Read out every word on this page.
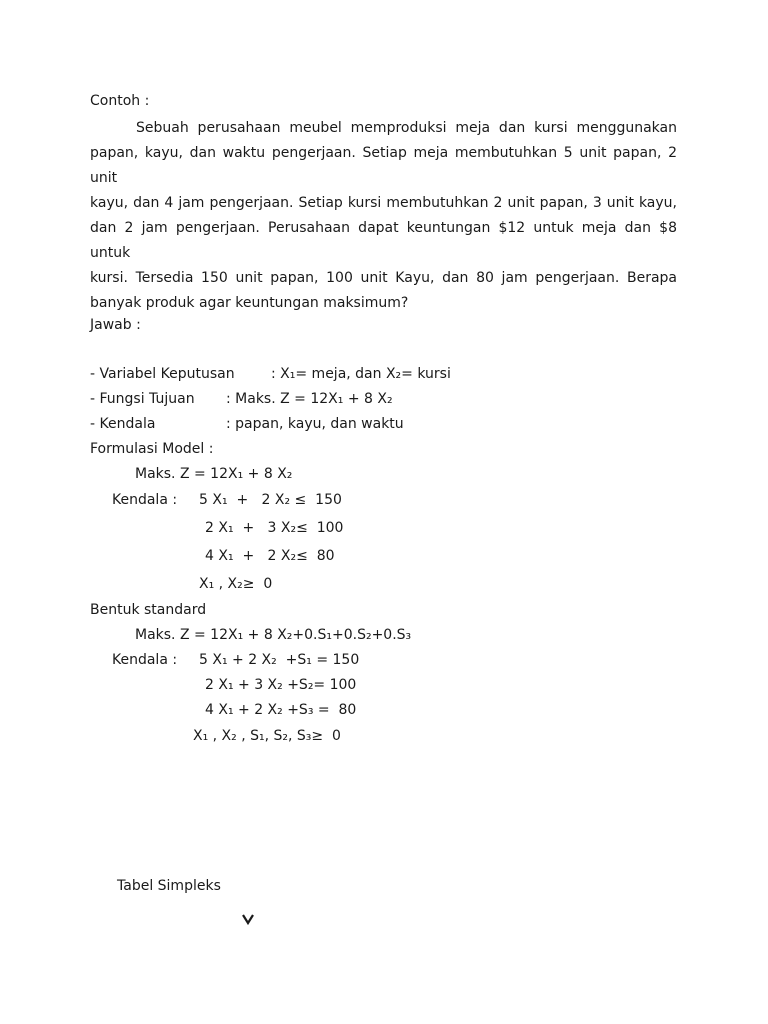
Contoh :
Sebuah perusahaan meubel memproduksi meja dan kursi menggunakan
papan, kayu, dan waktu pengerjaan. Setiap meja membutuhkan 5 unit papan, 2 unit
kayu, dan 4 jam pengerjaan. Setiap kursi membutuhkan 2 unit papan, 3 unit kayu,
dan 2 jam pengerjaan. Perusahaan dapat keuntungan $12 untuk meja dan $8 untuk
kursi. Tersedia 150 unit papan, 100 unit Kayu, dan 80 jam pengerjaan. Berapa
banyak produk agar keuntungan maksimum?
Jawab :
- Variabel Keputusan	: X₁= meja, dan X₂= kursi
- Fungsi Tujuan : Maks. Z = 12X₁ + 8 X₂
- Kendala	: papan, kayu, dan waktu
Formulasi Model :
Maks. Z = 12X₁ + 8 X₂
Kendala : 5 X₁  +   2 X₂ ≤  150
2 X₁  +   3 X₂≤  100
4 X₁  +   2 X₂≤  80
X₁ , X₂≥  0
Bentuk standard
Maks. Z = 12X₁ + 8 X₂+0.S₁+0.S₂+0.S₃
Kendala : 5 X₁ + 2 X₂  +S₁ = 150
2 X₁ + 3 X₂ +S₂= 100
4 X₁ + 2 X₂ +S₃ =  80
X₁ , X₂ , S₁, S₂, S₃≥  0
Tabel Simpleks
